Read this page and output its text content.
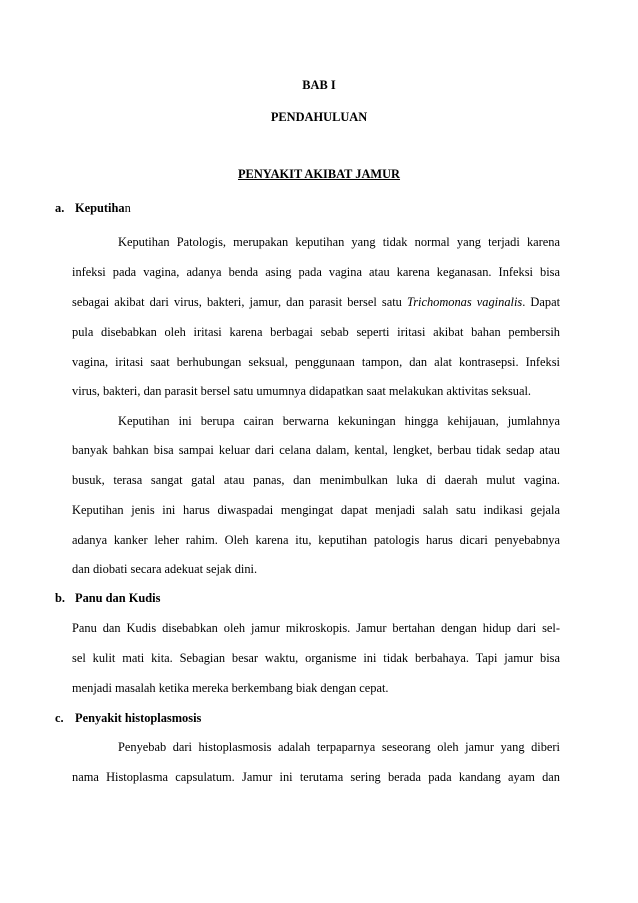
BAB I
PENDAHULUAN
PENYAKIT AKIBAT JAMUR
a. Keputihan
Keputihan Patologis, merupakan keputihan yang tidak normal yang terjadi karena
infeksi pada vagina, adanya benda asing pada vagina atau karena keganasan. Infeksi bisa
sebagai akibat dari virus, bakteri, jamur, dan parasit bersel satu Trichomonas vaginalis. Dapat
pula disebabkan oleh iritasi karena berbagai sebab seperti iritasi akibat bahan pembersih
vagina, iritasi saat berhubungan seksual, penggunaan tampon, dan alat kontrasepsi. Infeksi
virus, bakteri, dan parasit bersel satu umumnya didapatkan saat melakukan aktivitas seksual.
Keputihan ini berupa cairan berwarna kekuningan hingga kehijauan, jumlahnya
banyak bahkan bisa sampai keluar dari celana dalam, kental, lengket, berbau tidak sedap atau
busuk, terasa sangat gatal atau panas, dan menimbulkan luka di daerah mulut vagina.
Keputihan jenis ini harus diwaspadai mengingat dapat menjadi salah satu indikasi gejala
adanya kanker leher rahim. Oleh karena itu, keputihan patologis harus dicari penyebabnya
dan diobati secara adekuat sejak dini.
b. Panu dan Kudis
Panu dan Kudis disebabkan oleh jamur mikroskopis. Jamur bertahan dengan hidup dari sel-
sel kulit mati kita. Sebagian besar waktu, organisme ini tidak berbahaya. Tapi jamur bisa
menjadi masalah ketika mereka berkembang biak dengan cepat.
c. Penyakit histoplasmosis
Penyebab dari histoplasmosis adalah terpaparnya seseorang oleh jamur yang diberi
nama Histoplasma capsulatum. Jamur ini terutama sering berada pada kandang ayam dan
